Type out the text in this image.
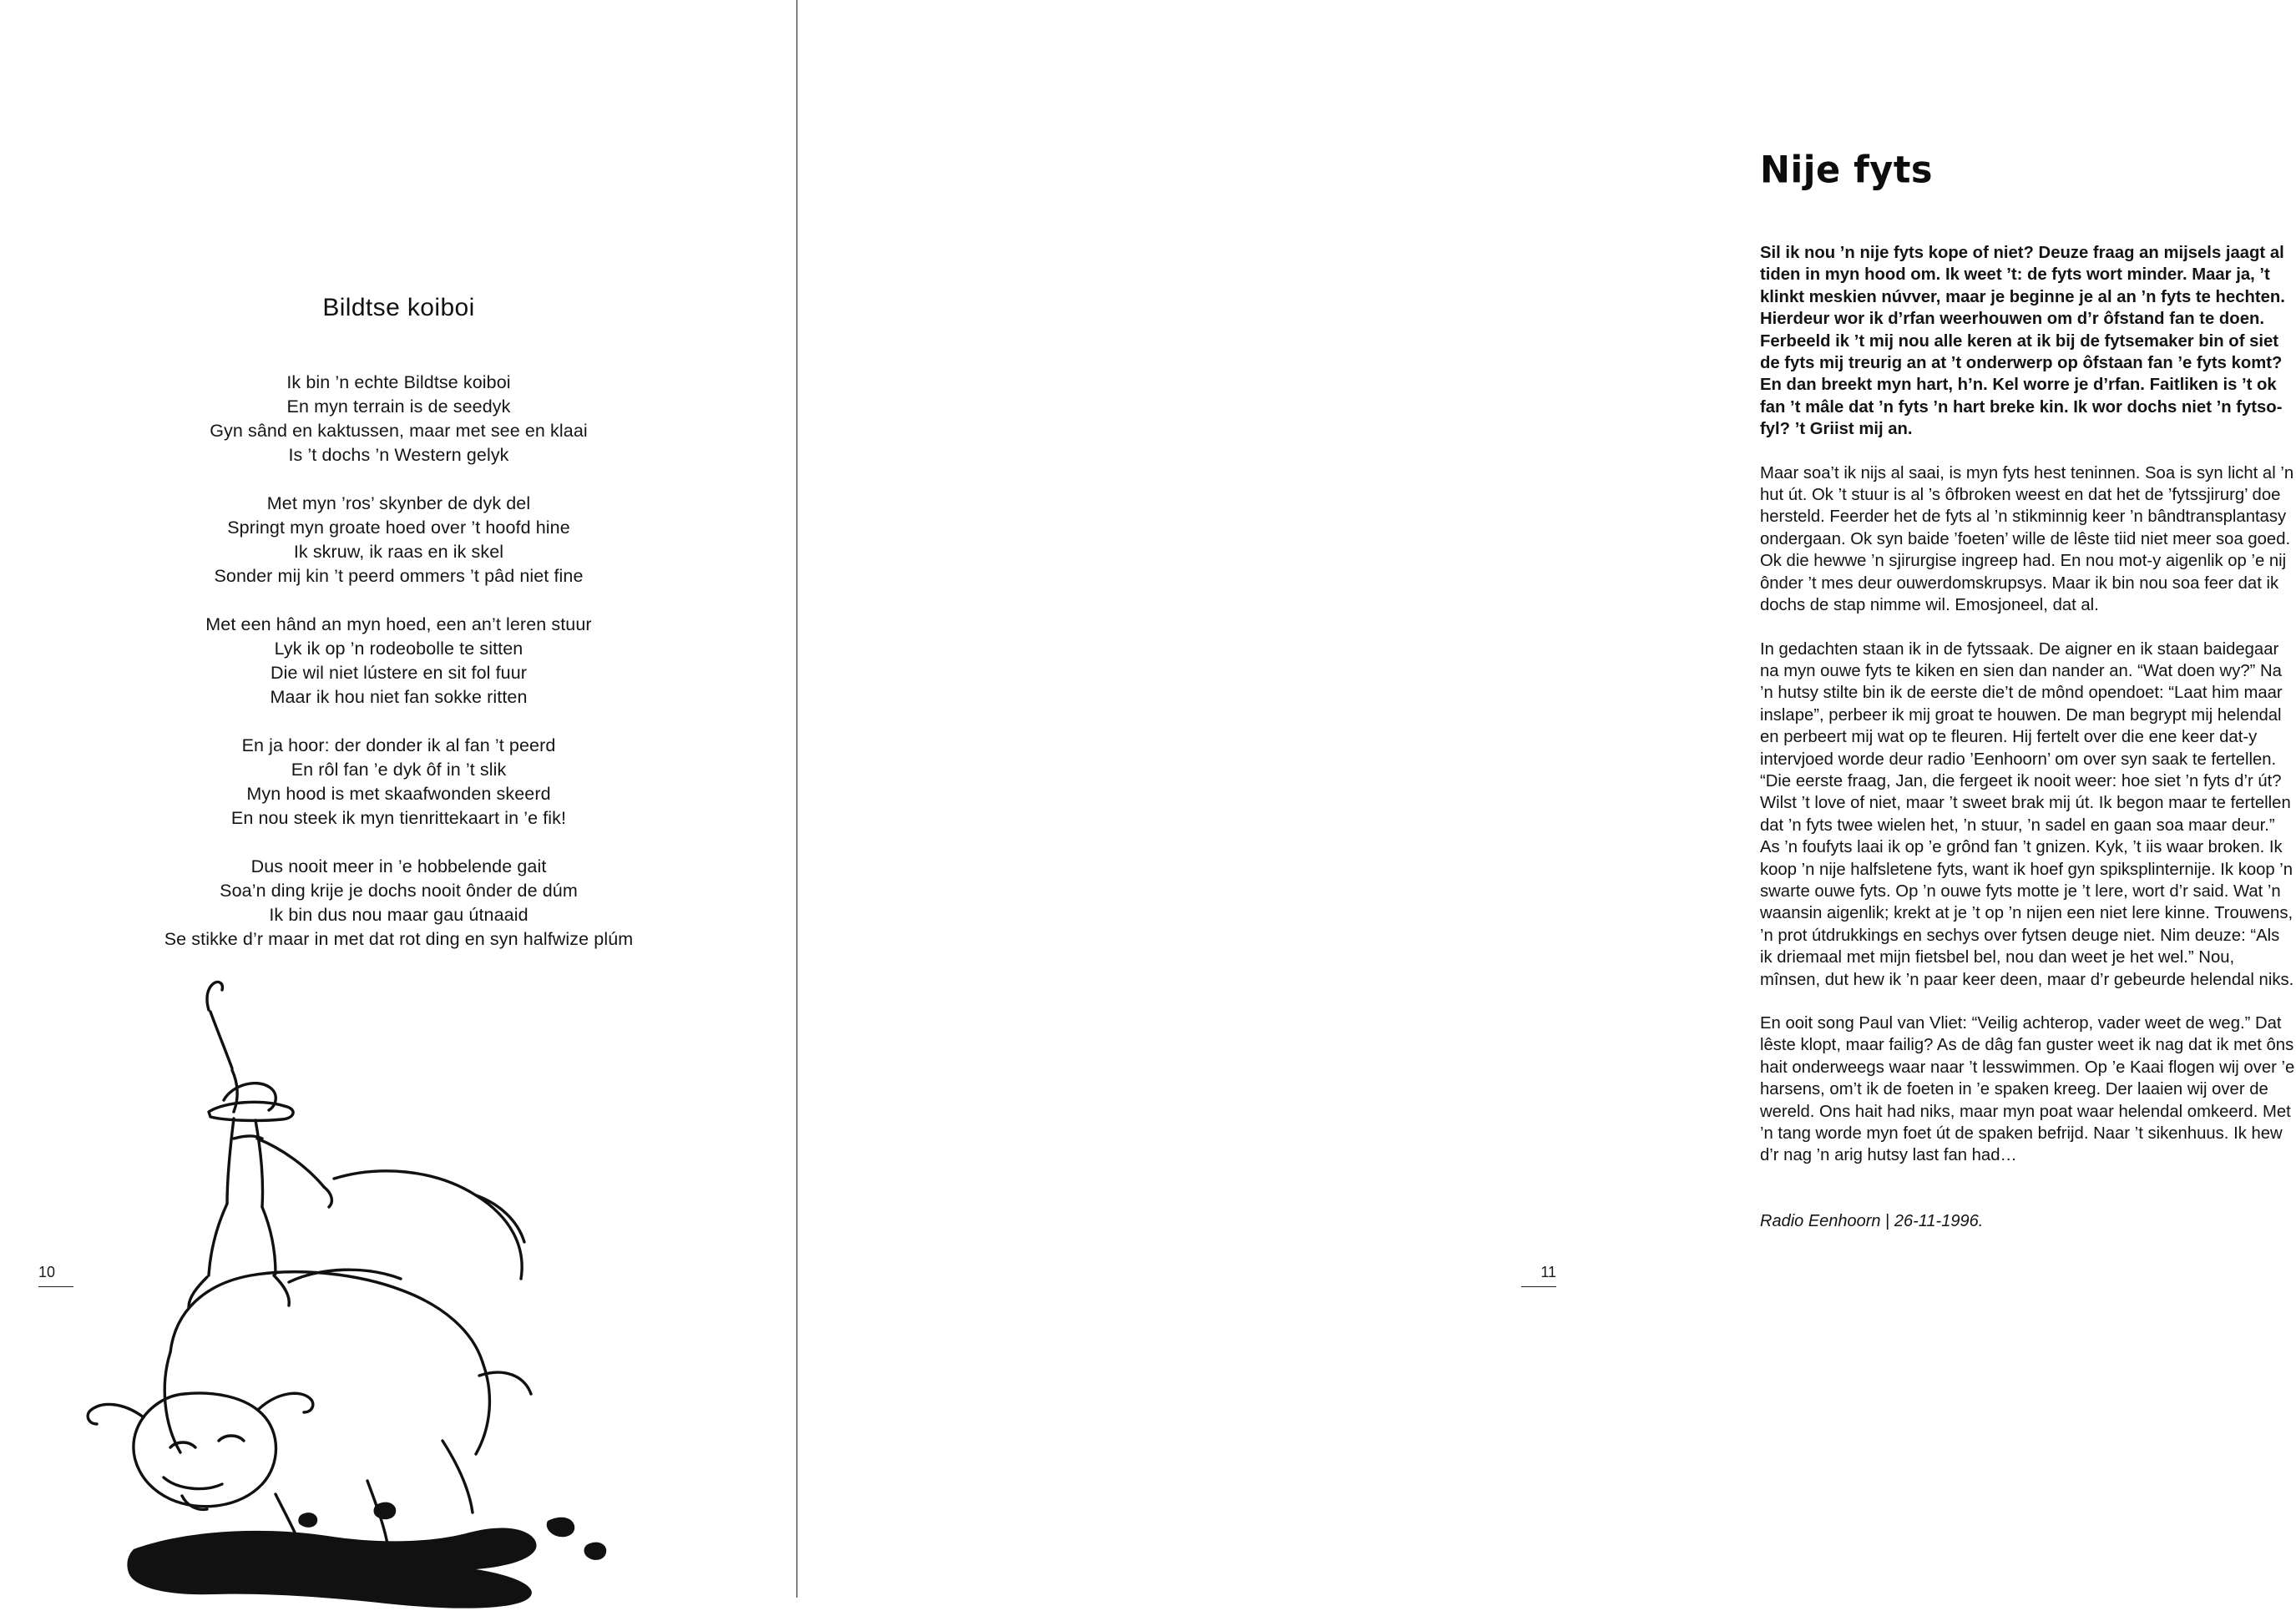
Bildtse koiboi

Ik bin ’n echte Bildtse koiboi
En myn terrain is de seedyk
Gyn sând en kaktussen, maar met see en klaai
Is ’t dochs ’n Western gelyk

Met myn ’ros’ skynber de dyk del
Springt myn groate hoed over ’t hoofd hine
Ik skruw, ik raas en ik skel
Sonder mij kin ’t peerd ommers ’t pâd niet fine

Met een hând an myn hoed, een an’t leren stuur
Lyk ik op ’n rodeobolle te sitten
Die wil niet lústere en sit fol fuur
Maar ik hou niet fan sokke ritten

En ja hoor: der donder ik al fan ’t peerd
En rôl fan ’e dyk ôf in ’t slik
Myn hood is met skaafwonden skeerd
En nou steek ik myn tienrittekaart in ’e fik!

Dus nooit meer in ’e hobbelende gait
Soa’n ding krije je dochs nooit ônder de dúm
Ik bin dus nou maar gau útnaaid
Se stikke d’r maar in met dat rot ding en syn halfwize plúm

10
Nije fyts

Sil ik nou ’n nije fyts kope of niet? Deuze fraag an mijsels jaagt al tiden in myn hood om. Ik weet ’t: de fyts wort minder. Maar ja, ’t klinkt meskien núvver, maar je beginne je al an ’n fyts te hechten. Hierdeur wor ik d’rfan weerhouwen om d’r ôfstand fan te doen. Ferbeeld ik ’t mij nou alle keren at ik bij de fytsemaker bin of siet de fyts mij treurig an at ’t onderwerp op ôfstaan fan ’e fyts komt? En dan breekt myn hart, h’n. Kel worre je d’rfan. Faitliken is ’t ok fan ’t mâle dat ’n fyts ’n hart breke kin. Ik wor dochs niet ’n fytso-fyl? ’t Griist mij an.

Maar soa’t ik nijs al saai, is myn fyts hest teninnen. Soa is syn licht al ’n hut út. Ok ’t stuur is al ’s ôfbroken weest en dat het de ’fytssjirurg’ doe hersteld. Feerder het de fyts al ’n stikminnig keer ’n bândtransplantasy ondergaan. Ok syn baide ’foeten’ wille de lêste tiid niet meer soa goed. Ok die hewwe ’n sjirurgise ingreep had. En nou mot-y aigenlik op ’e nij ônder ’t mes deur ouwerdomskrupsys. Maar ik bin nou soa feer dat ik dochs de stap nimme wil. Emosjoneel, dat al.

In gedachten staan ik in de fytssaak. De aigner en ik staan baidegaar na myn ouwe fyts te kiken en sien dan nander an. “Wat doen wy?” Na ’n hutsy stilte bin ik de eerste die’t de mônd opendoet: “Laat him maar inslape”, perbeer ik mij groat te houwen. De man begrypt mij helendal en perbeert mij wat op te fleuren. Hij fertelt over die ene keer dat-y intervjoed worde deur radio ’Eenhoorn’ om over syn saak te fertellen. “Die eerste fraag, Jan, die fergeet ik nooit weer: hoe siet ’n fyts d’r út? Wilst ’t love of niet, maar ’t sweet brak mij út. Ik begon maar te fertellen dat ’n fyts twee wielen het, ’n stuur, ’n sadel en gaan soa maar deur.” As ’n foufyts laai ik op ’e grônd fan ’t gnizen. Kyk, ’t iis waar broken. Ik koop ’n nije halfsletene fyts, want ik hoef gyn spiksplinternije. Ik koop ’n swarte ouwe fyts. Op ’n ouwe fyts motte je ’t lere, wort d’r said. Wat ’n waansin aigenlik; krekt at je ’t op ’n nijen een niet lere kinne. Trouwens, ’n prot útdrukkings en sechys over fytsen deuge niet. Nim deuze: “Als ik driemaal met mijn fietsbel bel, nou dan weet je het wel.” Nou, mînsen, dut hew ik ’n paar keer deen, maar d’r gebeurde helendal niks.

En ooit song Paul van Vliet: “Veilig achterop, vader weet de weg.” Dat lêste klopt, maar failig? As de dâg fan guster weet ik nag dat ik met ôns hait onderweegs waar naar ’t lesswimmen. Op ’e Kaai flogen wij over ’e harsens, om’t ik de foeten in ’e spaken kreeg. Der laaien wij over de wereld. Ons hait had niks, maar myn poat waar helendal omkeerd. Met ’n tang worde myn foet út de spaken befrijd. Naar ’t sikenhuus. Ik hew d’r nag ’n arig hutsy last fan had…

Radio Eenhoorn | 26-11-1996.
11
